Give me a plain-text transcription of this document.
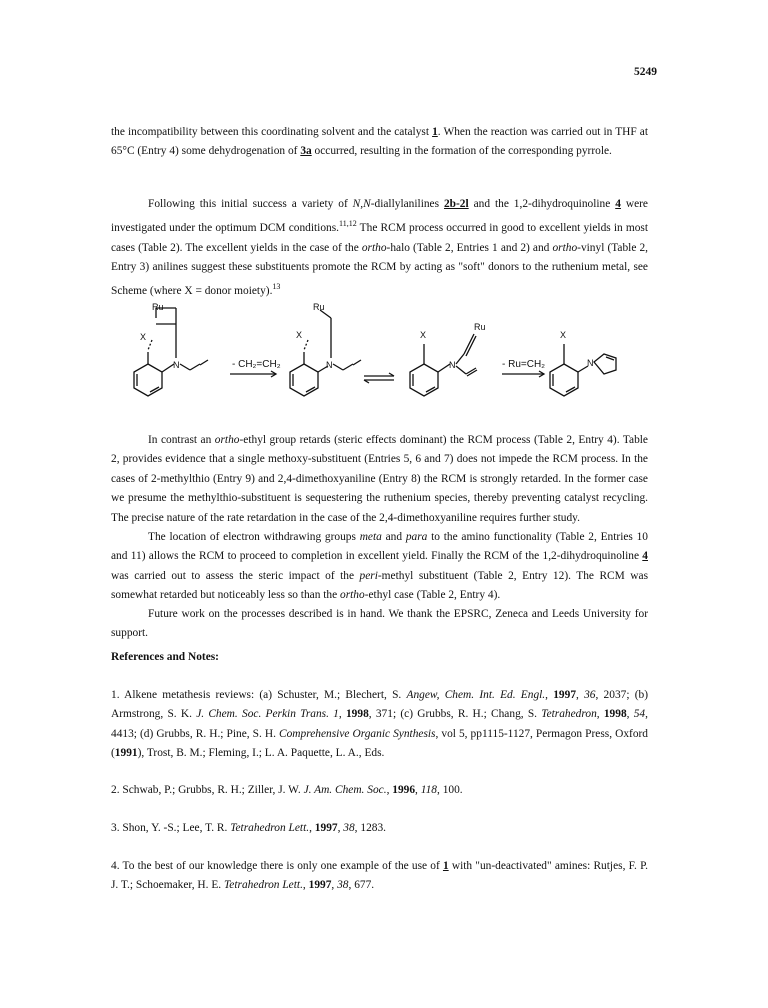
5249

the incompatibility between this coordinating solvent and the catalyst 1. When the reaction was carried out in THF at 65°C (Entry 4) some dehydrogenation of 3a occurred, resulting in the formation of the corresponding pyrrole.

Following this initial success a variety of N,N-diallylanilines 2b-2l and the 1,2-dihydroquinoline 4 were investigated under the optimum DCM conditions.$^{11,12}$ The RCM process occurred in good to excellent yields in most cases (Table 2). The excellent yields in the case of the ortho-halo (Table 2, Entries 1 and 2) and ortho-vinyl (Table 2, Entry 3) anilines suggest these substituents promote the RCM by acting as "soft" donors to the ruthenium metal, see Scheme (where X = donor moiety).$^{13}$

Ru
X
N	- CH₂=CH₂
Ru
X
N
X
Ru
N	- Ru=CH₂
X
N

In contrast an ortho-ethyl group retards (steric effects dominant) the RCM process (Table 2, Entry 4). Table 2, provides evidence that a single methoxy-substituent (Entries 5, 6 and 7) does not impede the RCM process. In the cases of 2-methylthio (Entry 9) and 2,4-dimethoxyaniline (Entry 8) the RCM is strongly retarded. In the former case we presume the methylthio-substituent is sequestering the ruthenium species, thereby preventing catalyst recycling. The precise nature of the rate retardation in the case of the 2,4-dimethoxyaniline requires further study.

The location of electron withdrawing groups meta and para to the amino functionality (Table 2, Entries 10 and 11) allows the RCM to proceed to completion in excellent yield. Finally the RCM of the 1,2-dihydroquinoline 4 was carried out to assess the steric impact of the peri-methyl substituent (Table 2, Entry 12). The RCM was somewhat retarded but noticeably less so than the ortho-ethyl case (Table 2, Entry 4).

Future work on the processes described is in hand. We thank the EPSRC, Zeneca and Leeds University for support.

References and Notes:

1. Alkene metathesis reviews: (a) Schuster, M.; Blechert, S. Angew, Chem. Int. Ed. Engl., 1997, 36, 2037; (b) Armstrong, S. K. J. Chem. Soc. Perkin Trans. 1, 1998, 371; (c) Grubbs, R. H.; Chang, S. Tetrahedron, 1998, 54, 4413; (d) Grubbs, R. H.; Pine, S. H. Comprehensive Organic Synthesis, vol 5, pp1115-1127, Permagon Press, Oxford (1991), Trost, B. M.; Fleming, I.; L. A. Paquette, L. A., Eds.

2. Schwab, P.; Grubbs, R. H.; Ziller, J. W. J. Am. Chem. Soc., 1996, 118, 100.

3. Shon, Y. -S.; Lee, T. R. Tetrahedron Lett., 1997, 38, 1283.

4. To the best of our knowledge there is only one example of the use of 1 with "un-deactivated" amines: Rutjes, F. P. J. T.; Schoemaker, H. E. Tetrahedron Lett., 1997, 38, 677.
